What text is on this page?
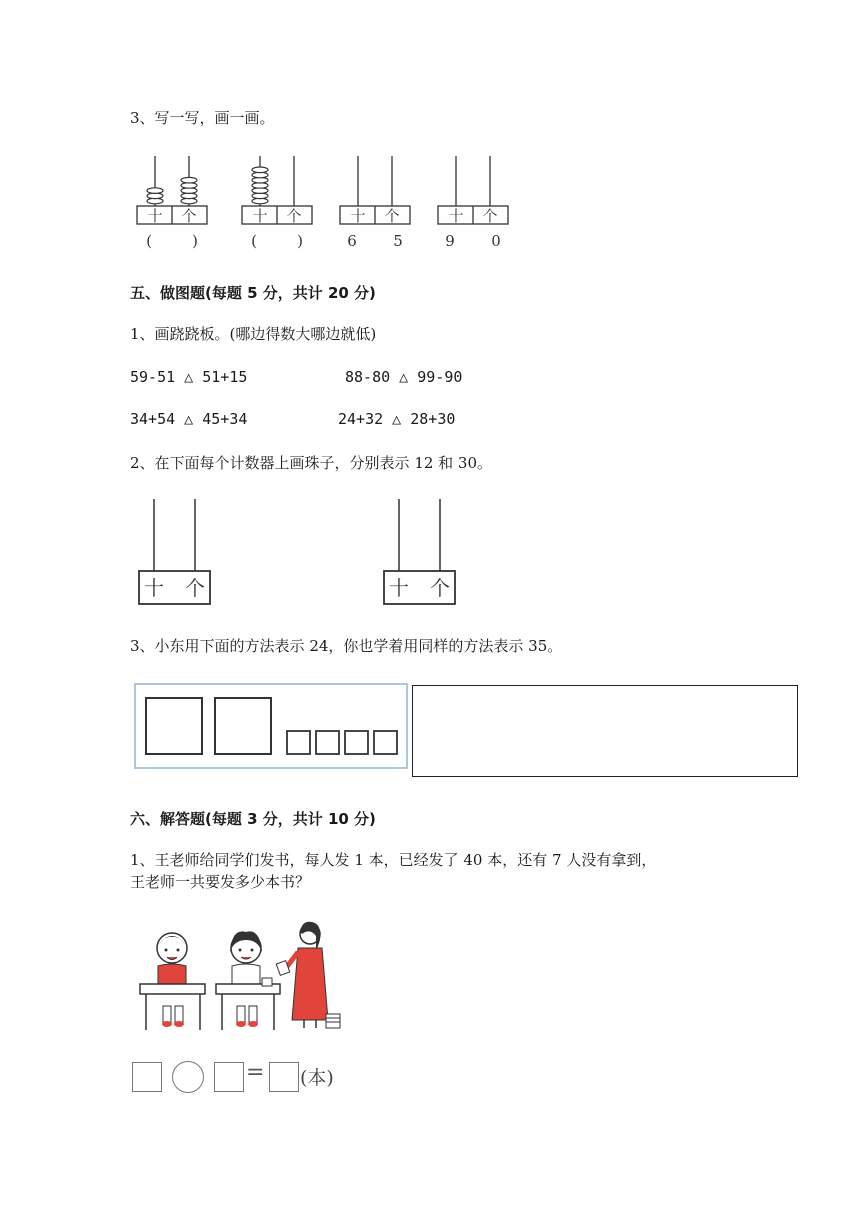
3、写一写，画一画。
十 个
(	)
十 个
(	)
十 个
6 5
十 个
9 0
五、做图题(每题 5 分，共计 20 分)
1、画跷跷板。(哪边得数大哪边就低)
59-51 △ 51+15	88-80 △ 99-90
34+54 △ 45+34	24+32 △ 28+30
2、在下面每个计数器上画珠子，分别表示 12 和 30。
十 个	十 个
3、小东用下面的方法表示 24，你也学着用同样的方法表示 35。
六、解答题(每题 3 分，共计 10 分)
1、王老师给同学们发书，每人发 1 本，已经发了 40 本，还有 7 人没有拿到，
王老师一共要发多少本书？
= (本)
